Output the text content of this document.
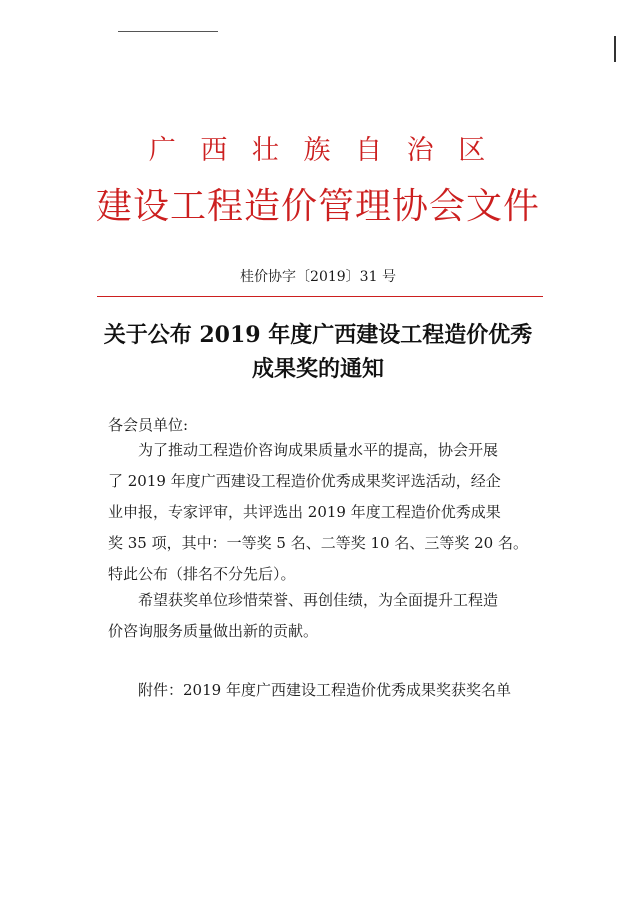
广 西 壮 族 自 治 区
建设工程造价管理协会文件
桂价协字〔2019〕31 号
关于公布 2019 年度广西建设工程造价优秀
成果奖的通知
各会员单位:
为了推动工程造价咨询成果质量水平的提高，协会开展
了 2019 年度广西建设工程造价优秀成果奖评选活动，经企
业申报，专家评审，共评选出 2019 年度工程造价优秀成果
奖 35 项，其中：一等奖 5 名、二等奖 10 名、三等奖 20 名。
特此公布（排名不分先后）。
希望获奖单位珍惜荣誉、再创佳绩，为全面提升工程造
价咨询服务质量做出新的贡献。
附件：2019 年度广西建设工程造价优秀成果奖获奖名单
